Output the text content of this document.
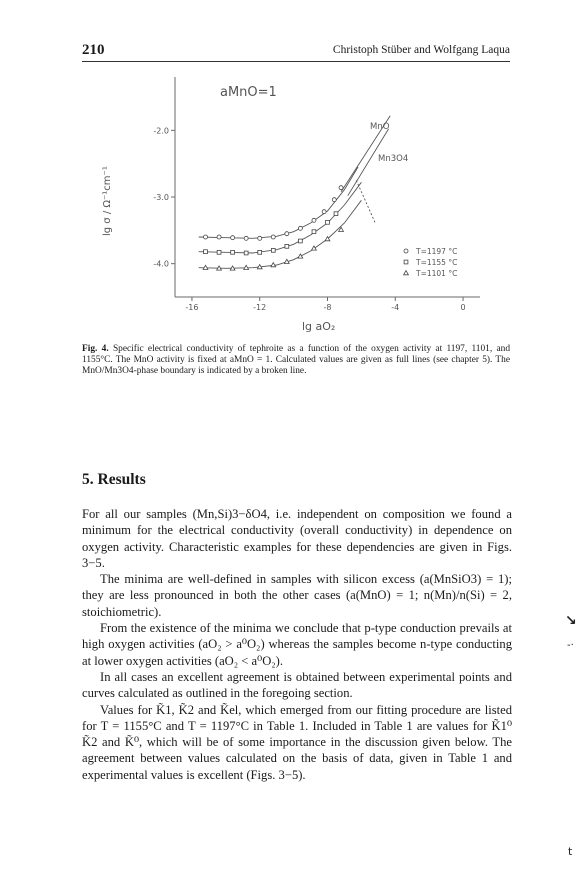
210	Christoph Stüber and Wolfgang Laqua
-2.0
-3.0
-4.0
-16	-12	-8	-4	0
aMnO=1
MnO
Mn3O4
lg σ / Ω⁻¹cm⁻¹
lg aO₂
T=1197 °C
T=1155 °C
T=1101 °C
Fig. 4. Specific electrical conductivity of tephroite as a function of the oxygen activity at 1197, 1101, and 1155°C. The MnO activity is fixed at aMnO = 1. Calculated values are given as full lines (see chapter 5). The MnO/Mn3O4-phase boundary is indicated by a broken line.
5. Results

For all our samples (Mn,Si)3−δO4, i.e. independent on composition we found a minimum for the electrical conductivity (overall conductivity) in dependence on oxygen activity. Characteristic examples for these dependencies are given in Figs. 3−5.

The minima are well-defined in samples with silicon excess (a(MnSiO3) = 1); they are less pronounced in both the other cases (a(MnO) = 1; n(Mn)/n(Si) = 2, stoichiometric).

From the existence of the minima we conclude that p-type conduction prevails at high oxygen activities (aO₂ > a⁰O₂) whereas the samples become n-type conducting at lower oxygen activities (aO₂ < a⁰O₂).

In all cases an excellent agreement is obtained between experimental points and curves calculated as outlined in the foregoing section.

Values for K̃1, K̃2 and K̃el, which emerged from our fitting procedure are listed for T = 1155°C and T = 1197°C in Table 1. Included in Table 1 are values for K̃1⁰ K̃2 and K̃⁰, which will be of some importance in the discussion given below. The agreement between values calculated on the basis of data, given in Table 1 and experimental values is excellent (Figs. 3−5).

↘
-·
t
